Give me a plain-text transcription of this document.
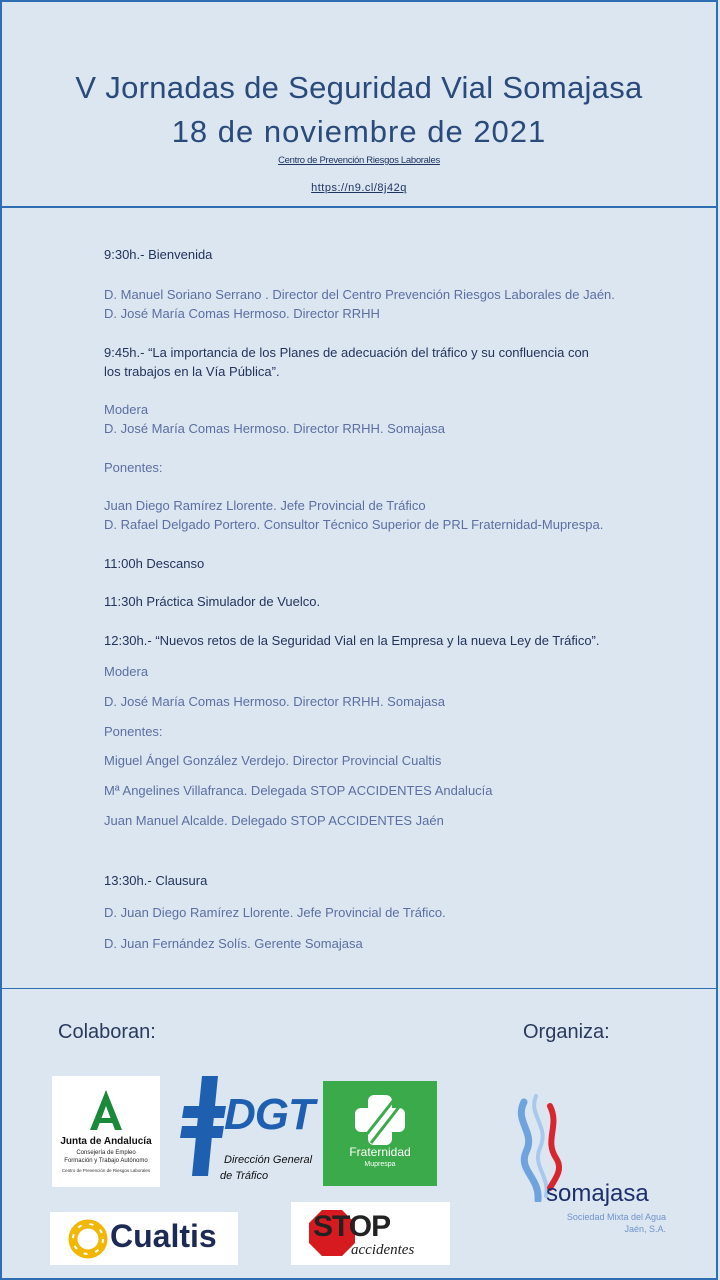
V Jornadas de Seguridad Vial Somajasa
18 de noviembre de 2021
Centro de Prevención Riesgos Laborales
https://n9.cl/8j42q
9:30h.- Bienvenida
D. Manuel Soriano Serrano . Director del Centro Prevención Riesgos Laborales de Jaén.
D. José María Comas Hermoso. Director RRHH
9:45h.- “La importancia de los Planes de adecuación del tráfico y su confluencia con
los trabajos en la Vía Pública”.
Modera
D. José María Comas Hermoso. Director RRHH. Somajasa
Ponentes:
Juan Diego Ramírez Llorente. Jefe Provincial de Tráfico
D. Rafael Delgado Portero. Consultor Técnico Superior de PRL Fraternidad-Muprespa.
11:00h Descanso
11:30h Práctica Simulador de Vuelco.
12:30h.- “Nuevos retos de la Seguridad Vial en la Empresa y la nueva Ley de Tráfico”.
Modera
D. José María Comas Hermoso. Director RRHH. Somajasa
Ponentes:
Miguel Ángel González Verdejo. Director Provincial Cualtis
Mª Angelines Villafranca. Delegada STOP ACCIDENTES Andalucía
Juan Manuel Alcalde. Delegado STOP ACCIDENTES Jaén
13:30h.- Clausura
D. Juan Diego Ramírez Llorente. Jefe Provincial de Tráfico.
D. Juan Fernández Solís. Gerente Somajasa
Colaboran:	Organiza:
Junta de Andalucía
Consejería de Empleo
Formación y Trabajo Autónomo
Centro de Prevención de Riesgos Laborales
DGT
Dirección General
de Tráfico
Fraternidad
Muprespa
Cualtis	STOP
accidentes
somajasa
Sociedad Mixta del Agua
Jaén, S.A.
